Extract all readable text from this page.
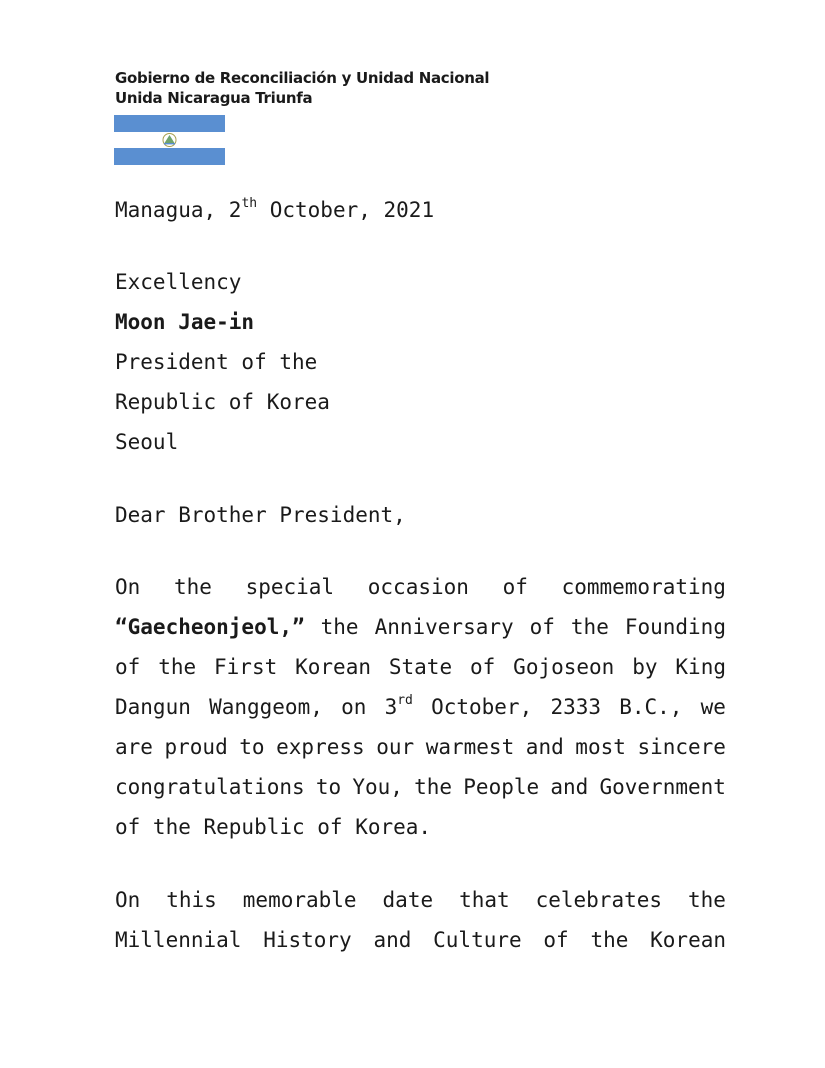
Gobierno de Reconciliación y Unidad Nacional
Unida Nicaragua Triunfa
Managua, 2th October, 2021
Excellency
Moon Jae-in
President of the
Republic of Korea
Seoul
Dear Brother President,
On the special occasion of commemorating
“Gaecheonjeol,” the Anniversary of the Founding
of the First Korean State of Gojoseon by King
Dangun Wanggeom, on 3rd October, 2333 B.C., we
are proud to express our warmest and most sincere
congratulations to You, the People and Government
of the Republic of Korea.
On this memorable date that celebrates the
Millennial History and Culture of the Korean
